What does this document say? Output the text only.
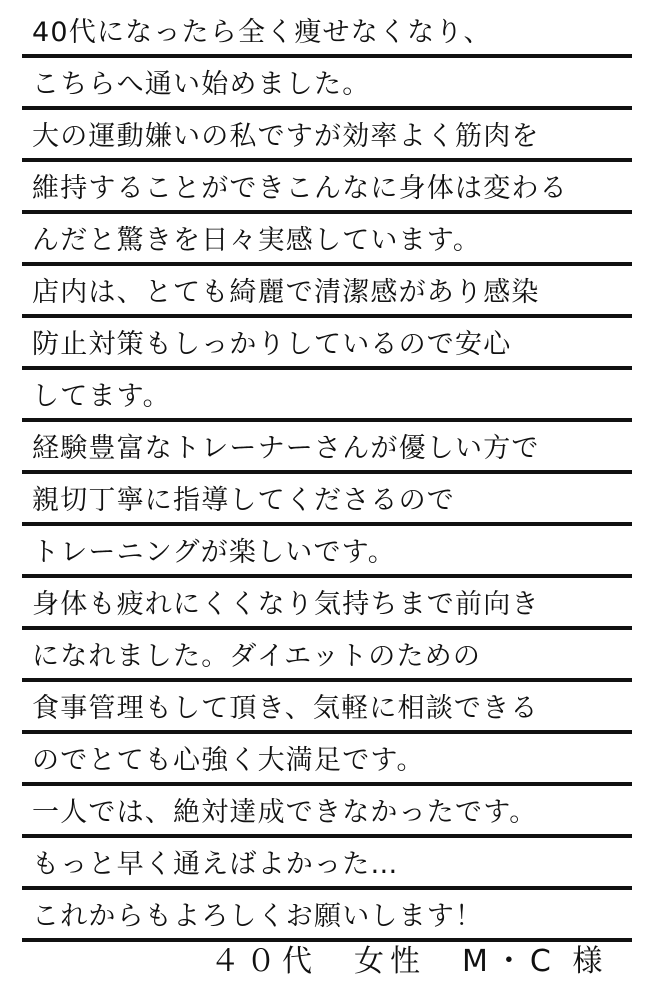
40代になったら全く痩せなくなり、
こちらへ通い始めました。
大の運動嫌いの私ですが効率よく筋肉を
維持することができこんなに身体は変わる
んだと驚きを日々実感しています。
店内は、とても綺麗で清潔感があり感染
防止対策もしっかりしているので安心
してます。
経験豊富なトレーナーさんが優しい方で
親切丁寧に指導してくださるので
トレーニングが楽しいです。
身体も疲れにくくなり気持ちまで前向き
になれました。ダイエットのための
食事管理もして頂き、気軽に相談できる
のでとても心強く大満足です。
一人では、絶対達成できなかったです。
もっと早く通えばよかった…
これからもよろしくお願いします！
４０代　女性　M・C 様
